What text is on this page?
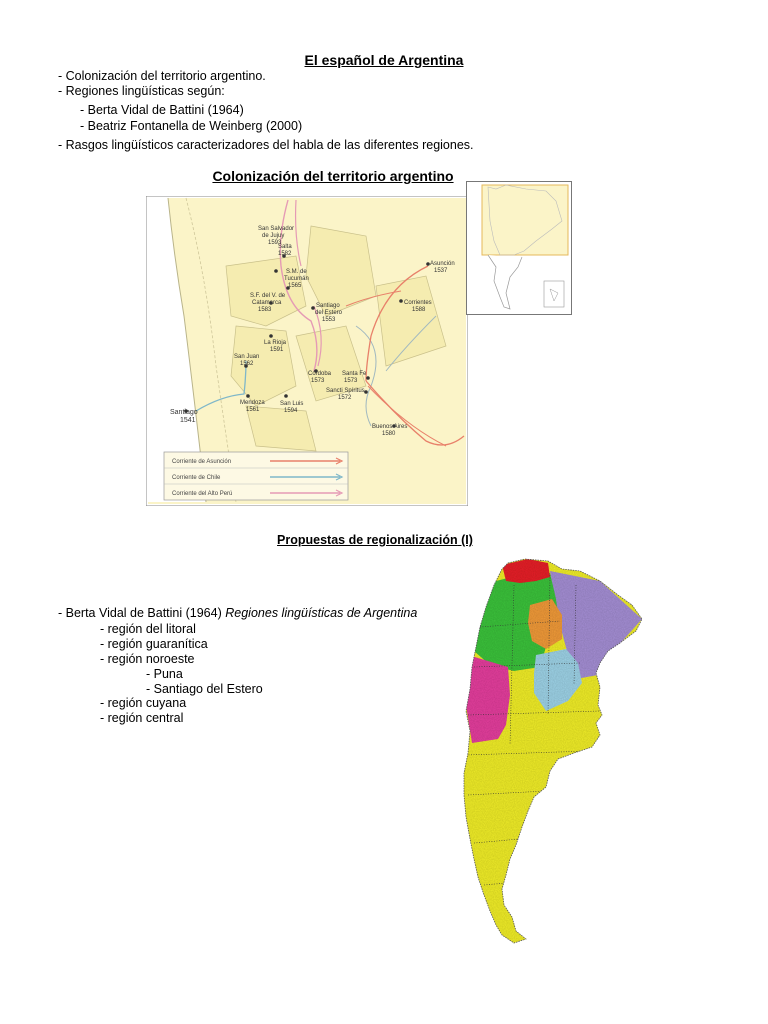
El español de Argentina
- Colonización del territorio argentino.
- Regiones lingüísticas según:
- Berta Vidal de Battini (1964)
- Beatriz Fontanella de Weinberg (2000)
- Rasgos lingüísticos caracterizadores del habla de las diferentes regiones.
Colonización del territorio argentino
San Salvador
de Jujuy
1593
Salta
1582
S.M. de
Tucumán
1565
S.F. del V. de
Catamarca
1583
Santiago
del Estero
1553
La Rioja
1591
San Juan
1562
Mendoza
1561
San Luis
1594
Santiago
1541
Córdoba
1573
Santa Fe
1573
Sancti Spíritus
1572
Buenos Aires
1580
Asunción
1537
Corrientes
1588
Corriente de Asunción
Corriente de Chile
Corriente del Alto Perú
Propuestas de regionalización (I)
- Berta Vidal de Battini (1964) Regiones lingüísticas de Argentina
- región del litoral
- región guaranítica
- región noroeste
- Puna
- Santiago del Estero
- región cuyana
- región central
